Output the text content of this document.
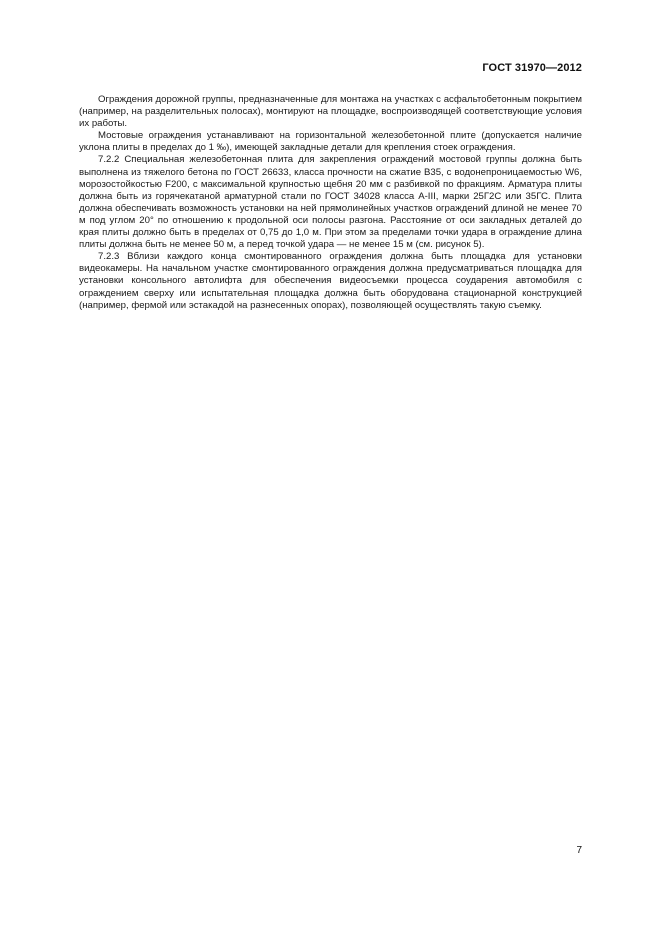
ГОСТ 31970—2012

Ограждения дорожной группы, предназначенные для монтажа на участках с асфальтобетонным покрытием (например, на разделительных полосах), монтируют на площадке, воспроизводящей соответствующие условия их работы.

Мостовые ограждения устанавливают на горизонтальной железобетонной плите (допускается наличие уклона плиты в пределах до 1 ‰), имеющей закладные детали для крепления стоек ограждения.

7.2.2 Специальная железобетонная плита для закрепления ограждений мостовой группы должна быть выполнена из тяжелого бетона по ГОСТ 26633, класса прочности на сжатие В35, с водонепроницаемостью W6, морозостойкостью F200, с максимальной крупностью щебня 20 мм с разбивкой по фракциям. Арматура плиты должна быть из горячекатаной арматурной стали по ГОСТ 34028 класса А-III, марки 25Г2С или 35ГС. Плита должна обеспечивать возможность установки на ней прямолинейных участков ограждений длиной не менее 70 м под углом 20° по отношению к продольной оси полосы разгона. Расстояние от оси закладных деталей до края плиты должно быть в пределах от 0,75 до 1,0 м. При этом за пределами точки удара в ограждение длина плиты должна быть не менее 50 м, а перед точкой удара — не менее 15 м (см. рисунок 5).

7.2.3 Вблизи каждого конца смонтированного ограждения должна быть площадка для установки видеокамеры. На начальном участке смонтированного ограждения должна предусматриваться площадка для установки консольного автолифта для обеспечения видеосъемки процесса соударения автомобиля с ограждением сверху или испытательная площадка должна быть оборудована стационарной конструкцией (например, фермой или эстакадой на разнесенных опорах), позволяющей осуществлять такую съемку.

7
